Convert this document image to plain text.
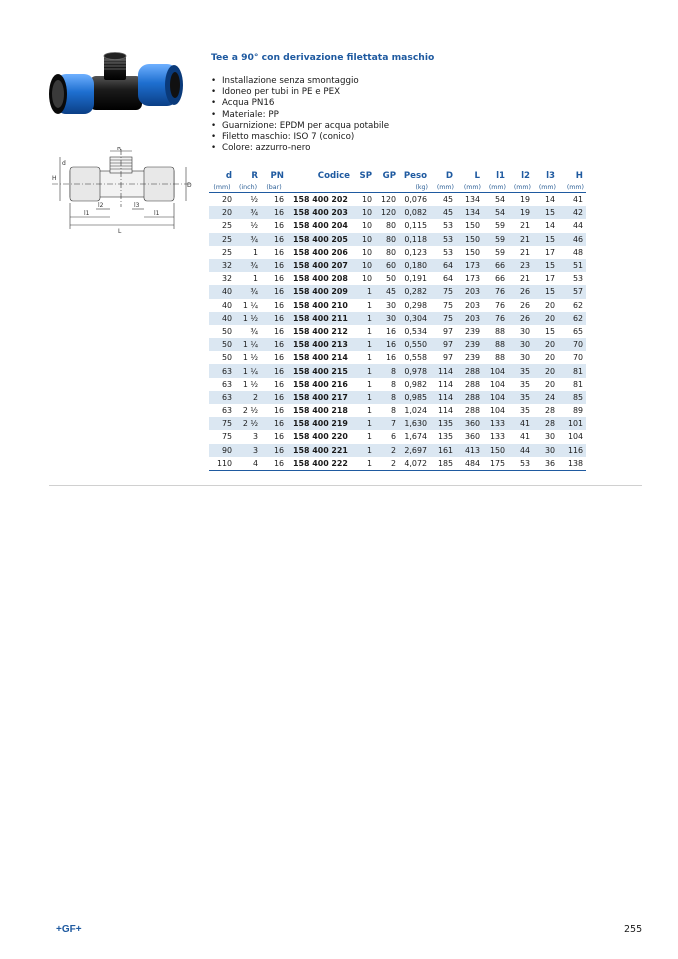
H
R
d
l1	l1
l2	l3
L
D
Tee a 90° con derivazione filettata maschio
• Installazione senza smontaggio
• Idoneo per tubi in PE e PEX
• Acqua PN16
• Materiale: PP
• Guarnizione: EPDM per acqua potabile
• Filetto maschio: ISO 7 (conico)
• Colore: azzurro-nero
d	R	PN	Codice	SP	GP	Peso	D	L	l1	l2	l3	H
(mm)	(inch)	(bar)				(kg)	(mm)	(mm)	(mm)	(mm)	(mm)	(mm)
20	½	16	158 400 202	10	120	0,076	45	134	54	19	14	41
20	¾	16	158 400 203	10	120	0,082	45	134	54	19	15	42
25	½	16	158 400 204	10	80	0,115	53	150	59	21	14	44
25	¾	16	158 400 205	10	80	0,118	53	150	59	21	15	46
25	1	16	158 400 206	10	80	0,123	53	150	59	21	17	48
32	¾	16	158 400 207	10	60	0,180	64	173	66	23	15	51
32	1	16	158 400 208	10	50	0,191	64	173	66	21	17	53
40	¾	16	158 400 209	1	45	0,282	75	203	76	26	15	57
40	1 ¼	16	158 400 210	1	30	0,298	75	203	76	26	20	62
40	1 ½	16	158 400 211	1	30	0,304	75	203	76	26	20	62
50	¾	16	158 400 212	1	16	0,534	97	239	88	30	15	65
50	1 ¼	16	158 400 213	1	16	0,550	97	239	88	30	20	70
50	1 ½	16	158 400 214	1	16	0,558	97	239	88	30	20	70
63	1 ¼	16	158 400 215	1	8	0,978	114	288	104	35	20	81
63	1 ½	16	158 400 216	1	8	0,982	114	288	104	35	20	81
63	2	16	158 400 217	1	8	0,985	114	288	104	35	24	85
63	2 ½	16	158 400 218	1	8	1,024	114	288	104	35	28	89
75	2 ½	16	158 400 219	1	7	1,630	135	360	133	41	28	101
75	3	16	158 400 220	1	6	1,674	135	360	133	41	30	104
90	3	16	158 400 221	1	2	2,697	161	413	150	44	30	116
110	4	16	158 400 222	1	2	4,072	185	484	175	53	36	138
+GF+	255
